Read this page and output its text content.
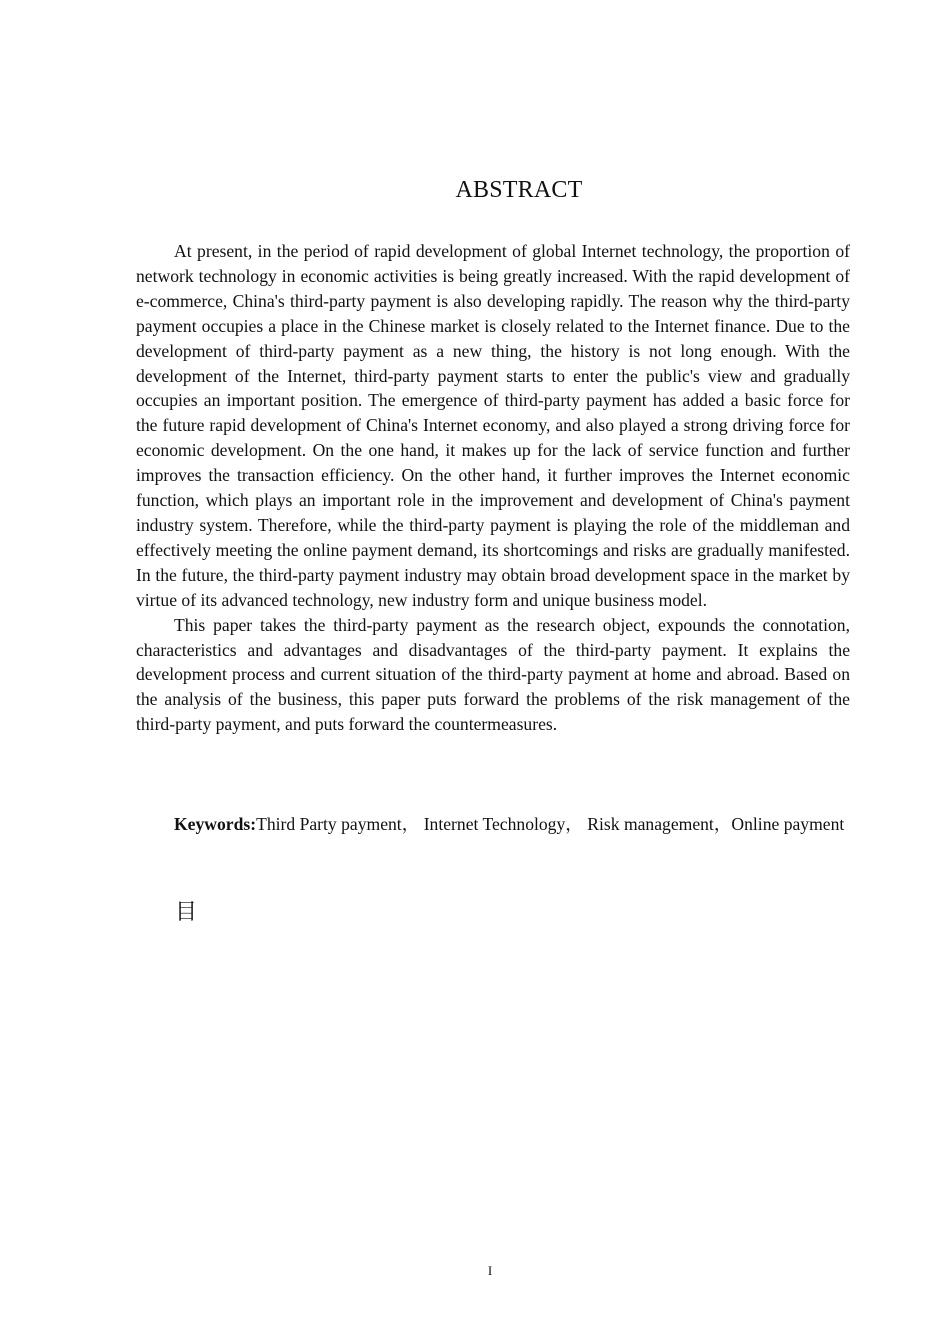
ABSTRACT

At present, in the period of rapid development of global Internet technology, the proportion of network technology in economic activities is being greatly increased. With the rapid development of e-commerce, China's third-party payment is also developing rapidly. The reason why the third-party payment occupies a place in the Chinese market is closely related to the Internet finance. Due to the development of third-party payment as a new thing, the history is not long enough. With the development of the Internet, third-party payment starts to enter the public's view and gradually occupies an important position. The emergence of third-party payment has added a basic force for the future rapid development of China's Internet economy, and also played a strong driving force for economic development. On the one hand, it makes up for the lack of service function and further improves the transaction efficiency. On the other hand, it further improves the Internet economic function, which plays an important role in the improvement and development of China's payment industry system. Therefore, while the third-party payment is playing the role of the middleman and effectively meeting the online payment demand, its shortcomings and risks are gradually manifested. In the future, the third-party payment industry may obtain broad development space in the market by virtue of its advanced technology, new industry form and unique business model.

This paper takes the third-party payment as the research object, expounds the connotation, characteristics and advantages and disadvantages of the third-party payment. It explains the development process and current situation of the third-party payment at home and abroad. Based on the analysis of the business, this paper puts forward the problems of the risk management of the third-party payment, and puts forward the countermeasures.

Keywords:Third Party payment， Internet Technology， Risk management，Online payment

目
I
